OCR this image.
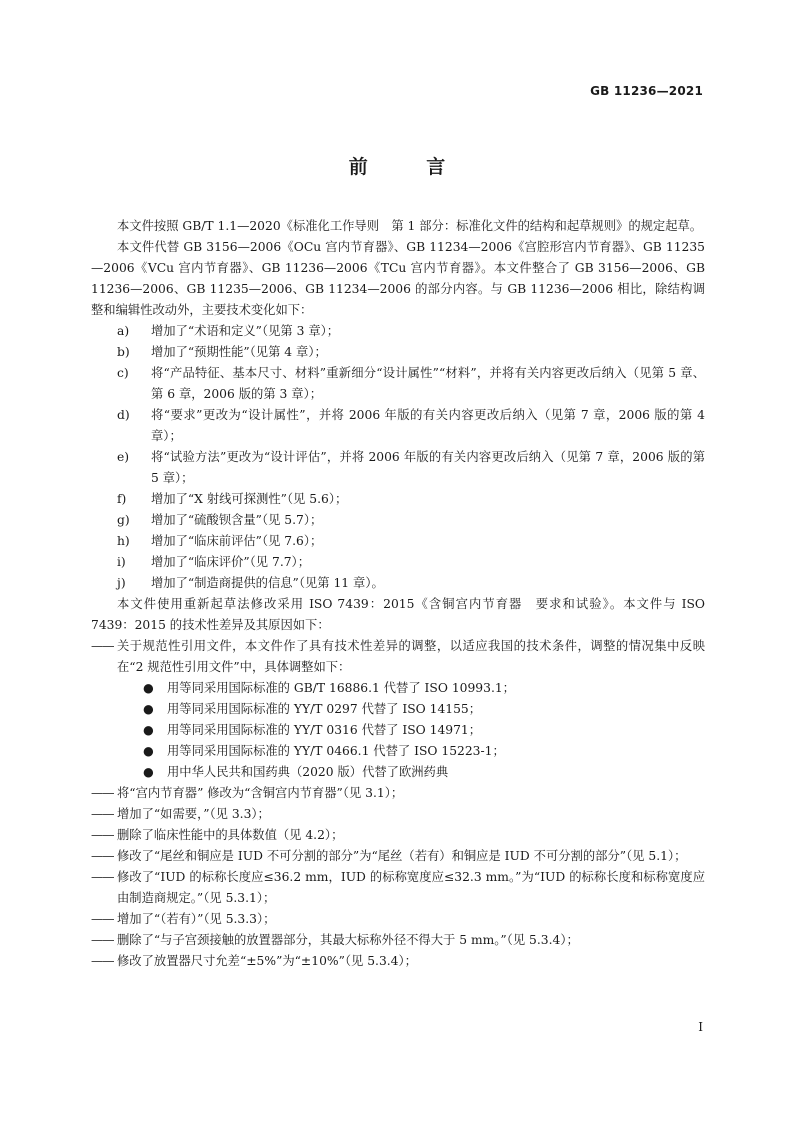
GB 11236—2021
前 言

本文件按照 GB/T 1.1—2020《标准化工作导则　第 1 部分：标准化文件的结构和起草规则》的规定起草。

本文件代替 GB 3156—2006《OCu 宫内节育器》、GB 11234—2006《宫腔形宫内节育器》、GB 11235—2006《VCu 宫内节育器》、GB 11236—2006《TCu 宫内节育器》。本文件整合了 GB 3156—2006、GB 11236—2006、GB 11235—2006、GB 11234—2006 的部分内容。与 GB 11236—2006 相比，除结构调整和编辑性改动外，主要技术变化如下：

a) 增加了“术语和定义”（见第 3 章）；
b) 增加了“预期性能”（见第 4 章）；
c) 将“产品特征、基本尺寸、材料”重新细分“设计属性”“材料”，并将有关内容更改后纳入（见第 5 章、第 6 章，2006 版的第 3 章）；
d) 将“要求”更改为“设计属性”，并将 2006 年版的有关内容更改后纳入（见第 7 章，2006 版的第 4 章）；
e) 将“试验方法”更改为“设计评估”，并将 2006 年版的有关内容更改后纳入（见第 7 章，2006 版的第 5 章）；
f) 增加了“X 射线可探测性”（见 5.6）；
g) 增加了“硫酸钡含量”（见 5.7）；
h) 增加了“临床前评估”（见 7.6）；
i) 增加了“临床评价”（见 7.7）；
j) 增加了“制造商提供的信息”（见第 11 章）。

本文件使用重新起草法修改采用 ISO 7439：2015《含铜宫内节育器　要求和试验》。本文件与 ISO 7439：2015 的技术性差异及其原因如下：

—— 关于规范性引用文件，本文件作了具有技术性差异的调整，以适应我国的技术条件，调整的情况集中反映在“2 规范性引用文件”中，具体调整如下：
● 用等同采用国际标准的 GB/T 16886.1 代替了 ISO 10993.1；
● 用等同采用国际标准的 YY/T 0297 代替了 ISO 14155；
● 用等同采用国际标准的 YY/T 0316 代替了 ISO 14971；
● 用等同采用国际标准的 YY/T 0466.1 代替了 ISO 15223-1；
● 用中华人民共和国药典（2020 版）代替了欧洲药典
—— 将“宫内节育器” 修改为“含铜宫内节育器”（见 3.1）；
—— 增加了“如需要，”（见 3.3）；
—— 删除了临床性能中的具体数值（见 4.2）；
—— 修改了“尾丝和铜应是 IUD 不可分割的部分”为“尾丝（若有）和铜应是 IUD 不可分割的部分”（见 5.1）；
—— 修改了“IUD 的标称长度应≤36.2 mm，IUD 的标称宽度应≤32.3 mm。”为“IUD 的标称长度和标称宽度应由制造商规定。”（见 5.3.1）；
—— 增加了“（若有）”（见 5.3.3）；
—— 删除了“与子宫颈接触的放置器部分，其最大标称外径不得大于 5 mm。”（见 5.3.4）；
—— 修改了放置器尺寸允差“±5%”为“±10%”（见 5.3.4）；
I
